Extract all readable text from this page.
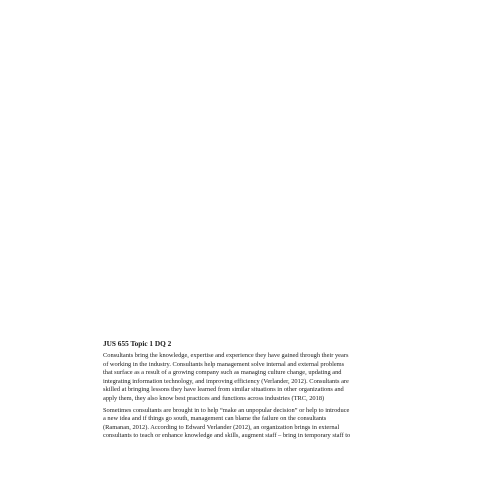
JUS 655 Topic 1 DQ 2
Consultants bring the knowledge, expertise and experience they have gained through their years
of working in the industry. Consultants help management solve internal and external problems
that surface as a result of a growing company such as managing culture change, updating and
integrating information technology, and improving efficiency (Verlander, 2012). Consultants are
skilled at bringing lessons they have learned from similar situations in other organizations and
apply them, they also know best practices and functions across industries (TRC, 2018)
Sometimes consultants are brought in to help “make an unpopular decision” or help to introduce
a new idea and if things go south, management can blame the failure on the consultants
(Ramanan, 2012). According to Edward Verlander (2012), an organization brings in external
consultants to teach or enhance knowledge and skills, augment staff – bring in temporary staff to
